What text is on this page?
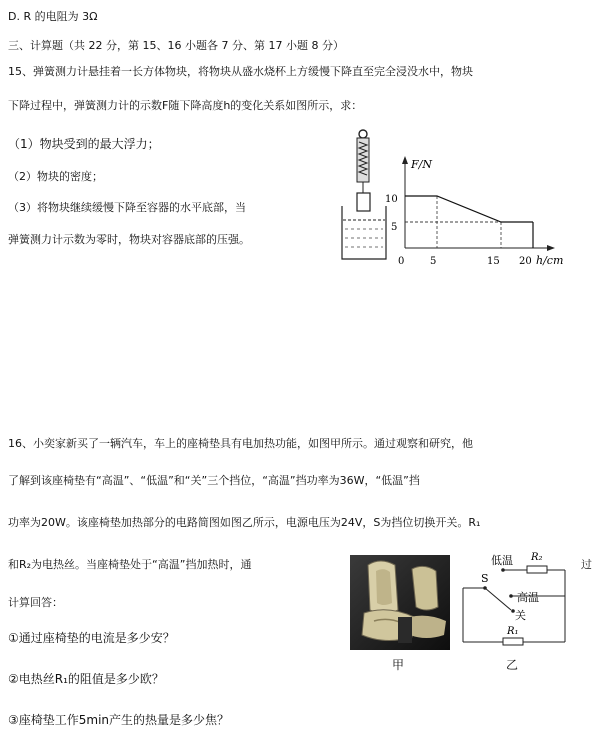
D. R 的电阻为 3Ω
三、计算题（共 22 分，第 15、16 小题各 7 分、第 17 小题 8 分）
15、弹簧测力计悬挂着一长方体物块，将物块从盛水烧杯上方缓慢下降直至完全浸没水中，物块
下降过程中，弹簧测力计的示数F随下降高度h的变化关系如图所示，求：
（1）物块受到的最大浮力；
（2）物块的密度；
（3）将物块继续缓慢下降至容器的水平底部，当
弹簧测力计示数为零时，物块对容器底部的压强。
16、小奕家新买了一辆汽车，车上的座椅垫具有电加热功能，如图甲所示。通过观察和研究，他
了解到该座椅垫有“高温”、“低温”和“关”三个挡位，“高温”挡功率为36W，“低温”挡
功率为20W。该座椅垫加热部分的电路简图如图乙所示，电源电压为24V，S为挡位切换开关。R₁
和R₂为电热丝。当座椅垫处于“高温”挡加热时，通	过
计算回答：
①通过座椅垫的电流是多少安？
②电热丝R₁的阻值是多少欧？
③座椅垫工作5min产生的热量是多少焦？
F/N
h/cm
0
10
5
5	15 20
甲
低温 R₂
S
高温
关
R₁
乙
